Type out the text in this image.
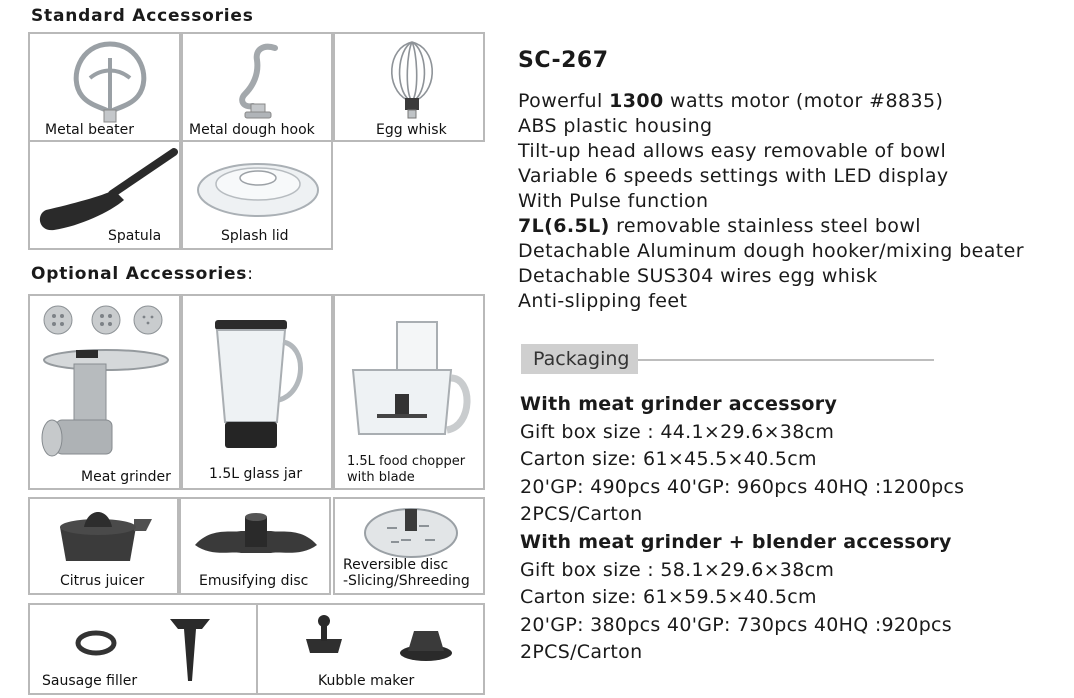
Standard Accessories
Metal beater	Metal dough hook	Egg whisk
Spatula	Splash lid
Optional Accessories:
Meat grinder	1.5L glass jar
1.5L food chopper
with blade
Citrus juicer	Emusifying disc
Reversible disc
-Slicing/Shreeding
Sausage filler	Kubble maker
SC-267
Powerful 1300 watts motor (motor #8835)
ABS plastic housing
Tilt-up head allows easy removable of bowl
Variable 6 speeds settings with LED display
With Pulse function
7L(6.5L) removable stainless steel bowl
Detachable Aluminum dough hooker/mixing beater
Detachable SUS304 wires egg whisk
Anti-slipping feet
Packaging
With meat grinder accessory
Gift box size : 44.1×29.6×38cm
Carton size: 61×45.5×40.5cm
20'GP: 490pcs 40'GP: 960pcs 40HQ :1200pcs
2PCS/Carton
With meat grinder + blender accessory
Gift box size : 58.1×29.6×38cm
Carton size: 61×59.5×40.5cm
20'GP: 380pcs 40'GP: 730pcs 40HQ :920pcs
2PCS/Carton
